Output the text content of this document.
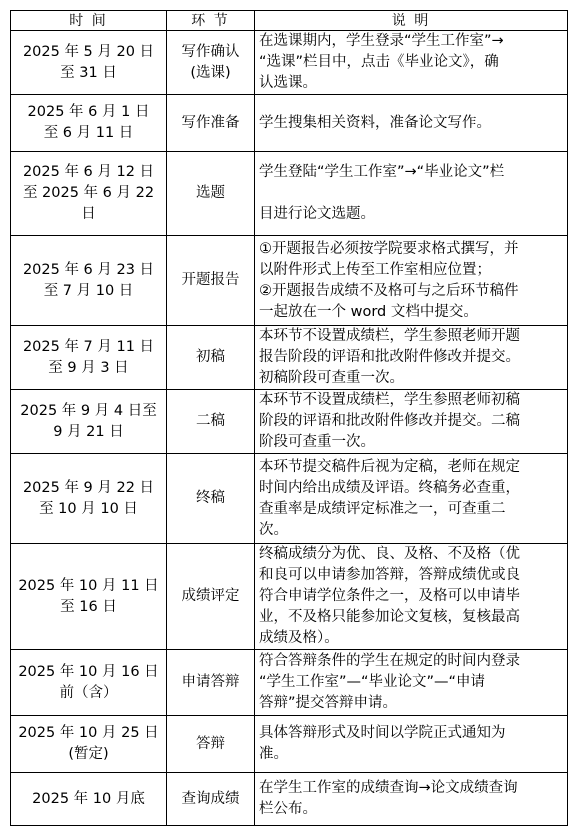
时 间	环 节	说 明

2025 年 5 月 20 日
至 31 日	写作确认
(选课)	在选课期内，学生登录“学生工作室”→
“选课”栏目中，点击《毕业论文》，确
认选课。

2025 年 6 月 1 日
至 6 月 11 日	写作准备	学生搜集相关资料，准备论文写作。

2025 年 6 月 12 日
至 2025 年 6 月 22
日	选题	学生登陆“学生工作室”→“毕业论文”栏
目进行论文选题。

2025 年 6 月 23 日
至 7 月 10 日	开题报告	①开题报告必须按学院要求格式撰写，并
以附件形式上传至工作室相应位置；
②开题报告成绩不及格可与之后环节稿件
一起放在一个 word 文档中提交。

2025 年 7 月 11 日
至 9 月 3 日	初稿	本环节不设置成绩栏，学生参照老师开题
报告阶段的评语和批改附件修改并提交。
初稿阶段可查重一次。

2025 年 9 月 4 日至
9 月 21 日	二稿	本环节不设置成绩栏，学生参照老师初稿
阶段的评语和批改附件修改并提交。二稿
阶段可查重一次。

2025 年 9 月 22 日
至 10 月 10 日	终稿	本环节提交稿件后视为定稿，老师在规定
时间内给出成绩及评语。终稿务必查重，
查重率是成绩评定标准之一，可查重二
次。

2025 年 10 月 11 日
至 16 日	成绩评定	终稿成绩分为优、良、及格、不及格（优
和良可以申请参加答辩，答辩成绩优或良
符合申请学位条件之一，及格可以申请毕
业，不及格只能参加论文复核，复核最高
成绩及格）。

2025 年 10 月 16 日
前（含）	申请答辩	符合答辩条件的学生在规定的时间内登录
“学生工作室”—“毕业论文”—“申请
答辩”提交答辩申请。

2025 年 10 月 25 日
(暂定)	答辩	具体答辩形式及时间以学院正式通知为
准。

2025 年 10 月底	查询成绩	在学生工作室的成绩查询→论文成绩查询
栏公布。
